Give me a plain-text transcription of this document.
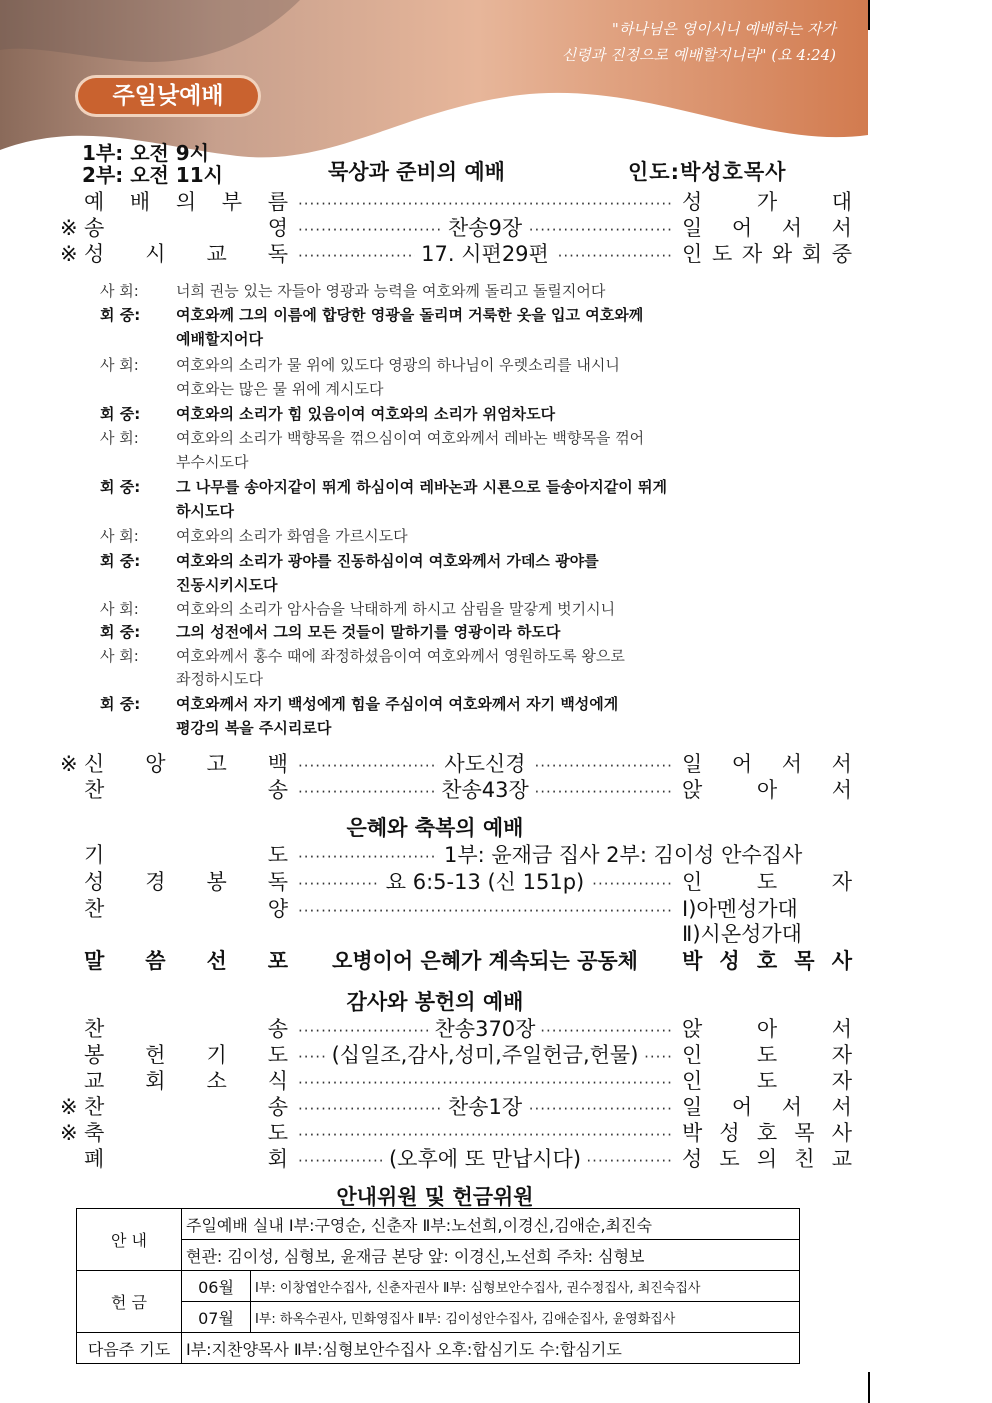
주일낮예배
"하나님은 영이시니 예배하는 자가
신령과 진정으로 예배할지니라" (요 4:24)
1부: 오전 9시
2부: 오전 11시	묵상과 준비의 예배	인도:박성호목사
예 배 의 부 름 ·····	성	가	대
※ 송	영 ·····	찬송9장	일 어 서 서
※ 성 시 교 독 ·····	17. 시편29편	인 도 자 와 회 중
사 회:	너희 권능 있는 자들아 영광과 능력을 여호와께 돌리고 돌릴지어다
회 중:	여호와께 그의 이름에 합당한 영광을 돌리며 거룩한 옷을 입고 여호와께
예배할지어다
사 회:	여호와의 소리가 물 위에 있도다 영광의 하나님이 우렛소리를 내시니
여호와는 많은 물 위에 계시도다
회 중:	여호와의 소리가 힘 있음이여 여호와의 소리가 위엄차도다
사 회:	여호와의 소리가 백향목을 꺾으심이여 여호와께서 레바논 백향목을 꺾어
부수시도다
회 중:	그 나무를 송아지같이 뛰게 하심이여 레바논과 시룐으로 들송아지같이 뛰게
하시도다
사 회:	여호와의 소리가 화염을 가르시도다
회 중:	여호와의 소리가 광야를 진동하심이여 여호와께서 가데스 광야를
진동시키시도다
사 회:	여호와의 소리가 암사슴을 낙태하게 하시고 삼림을 말갛게 벗기시니
회 중:	그의 성전에서 그의 모든 것들이 말하기를 영광이라 하도다
사 회:	여호와께서 홍수 때에 좌정하셨음이여 여호와께서 영원하도록 왕으로
좌정하시도다
회 중:	여호와께서 자기 백성에게 힘을 주심이여 여호와께서 자기 백성에게
평강의 복을 주시리로다
※ 신 앙 고 백 ·····	사도신경	일 어 서 서
찬	송 ·····	찬송43장	앉	아	서
은혜와 축복의 예배
기	도 ·····	1부: 윤재금 집사 2부: 김이성 안수집사
성 경 봉 독 ·····	요 6:5-13 (신 151p)	인	도	자
찬	양 ·····	Ⅰ)아멘성가대
Ⅱ)시온성가대
말 씀 선 포	오병이어 은혜가 계속되는 공동체	박 성 호 목 사
감사와 봉헌의 예배
찬	송 ·····	찬송370장	앉	아	서
봉 헌 기 도 ·····	(십일조,감사,성미,주일헌금,헌물)	인	도	자
교 회 소 식 ·····	인	도	자
※ 찬	송 ·····	찬송1장	일 어 서 서
※ 축	도 ·····	박 성 호 목 사
폐	회 ·····	(오후에 또 만납시다)	성 도 의 친 교
안내위원 및 헌금위원
안 내	주일예배 실내 Ⅰ부:구영순, 신춘자 Ⅱ부:노선희,이경신,김애순,최진숙	
	현관: 김이성, 심형보, 윤재금 본당 앞: 이경신,노선희 주차: 심형보	
헌 금	06월	Ⅰ부: 이창엽안수집사, 신춘자권사 Ⅱ부: 심형보안수집사, 권수정집사, 최진숙집사
	07월	Ⅰ부: 하옥수권사, 민화영집사 Ⅱ부: 김이성안수집사, 김애순집사, 윤영화집사
다음주 기도	Ⅰ부:지찬양목사 Ⅱ부:심형보안수집사 오후:합심기도 수:합심기도	
